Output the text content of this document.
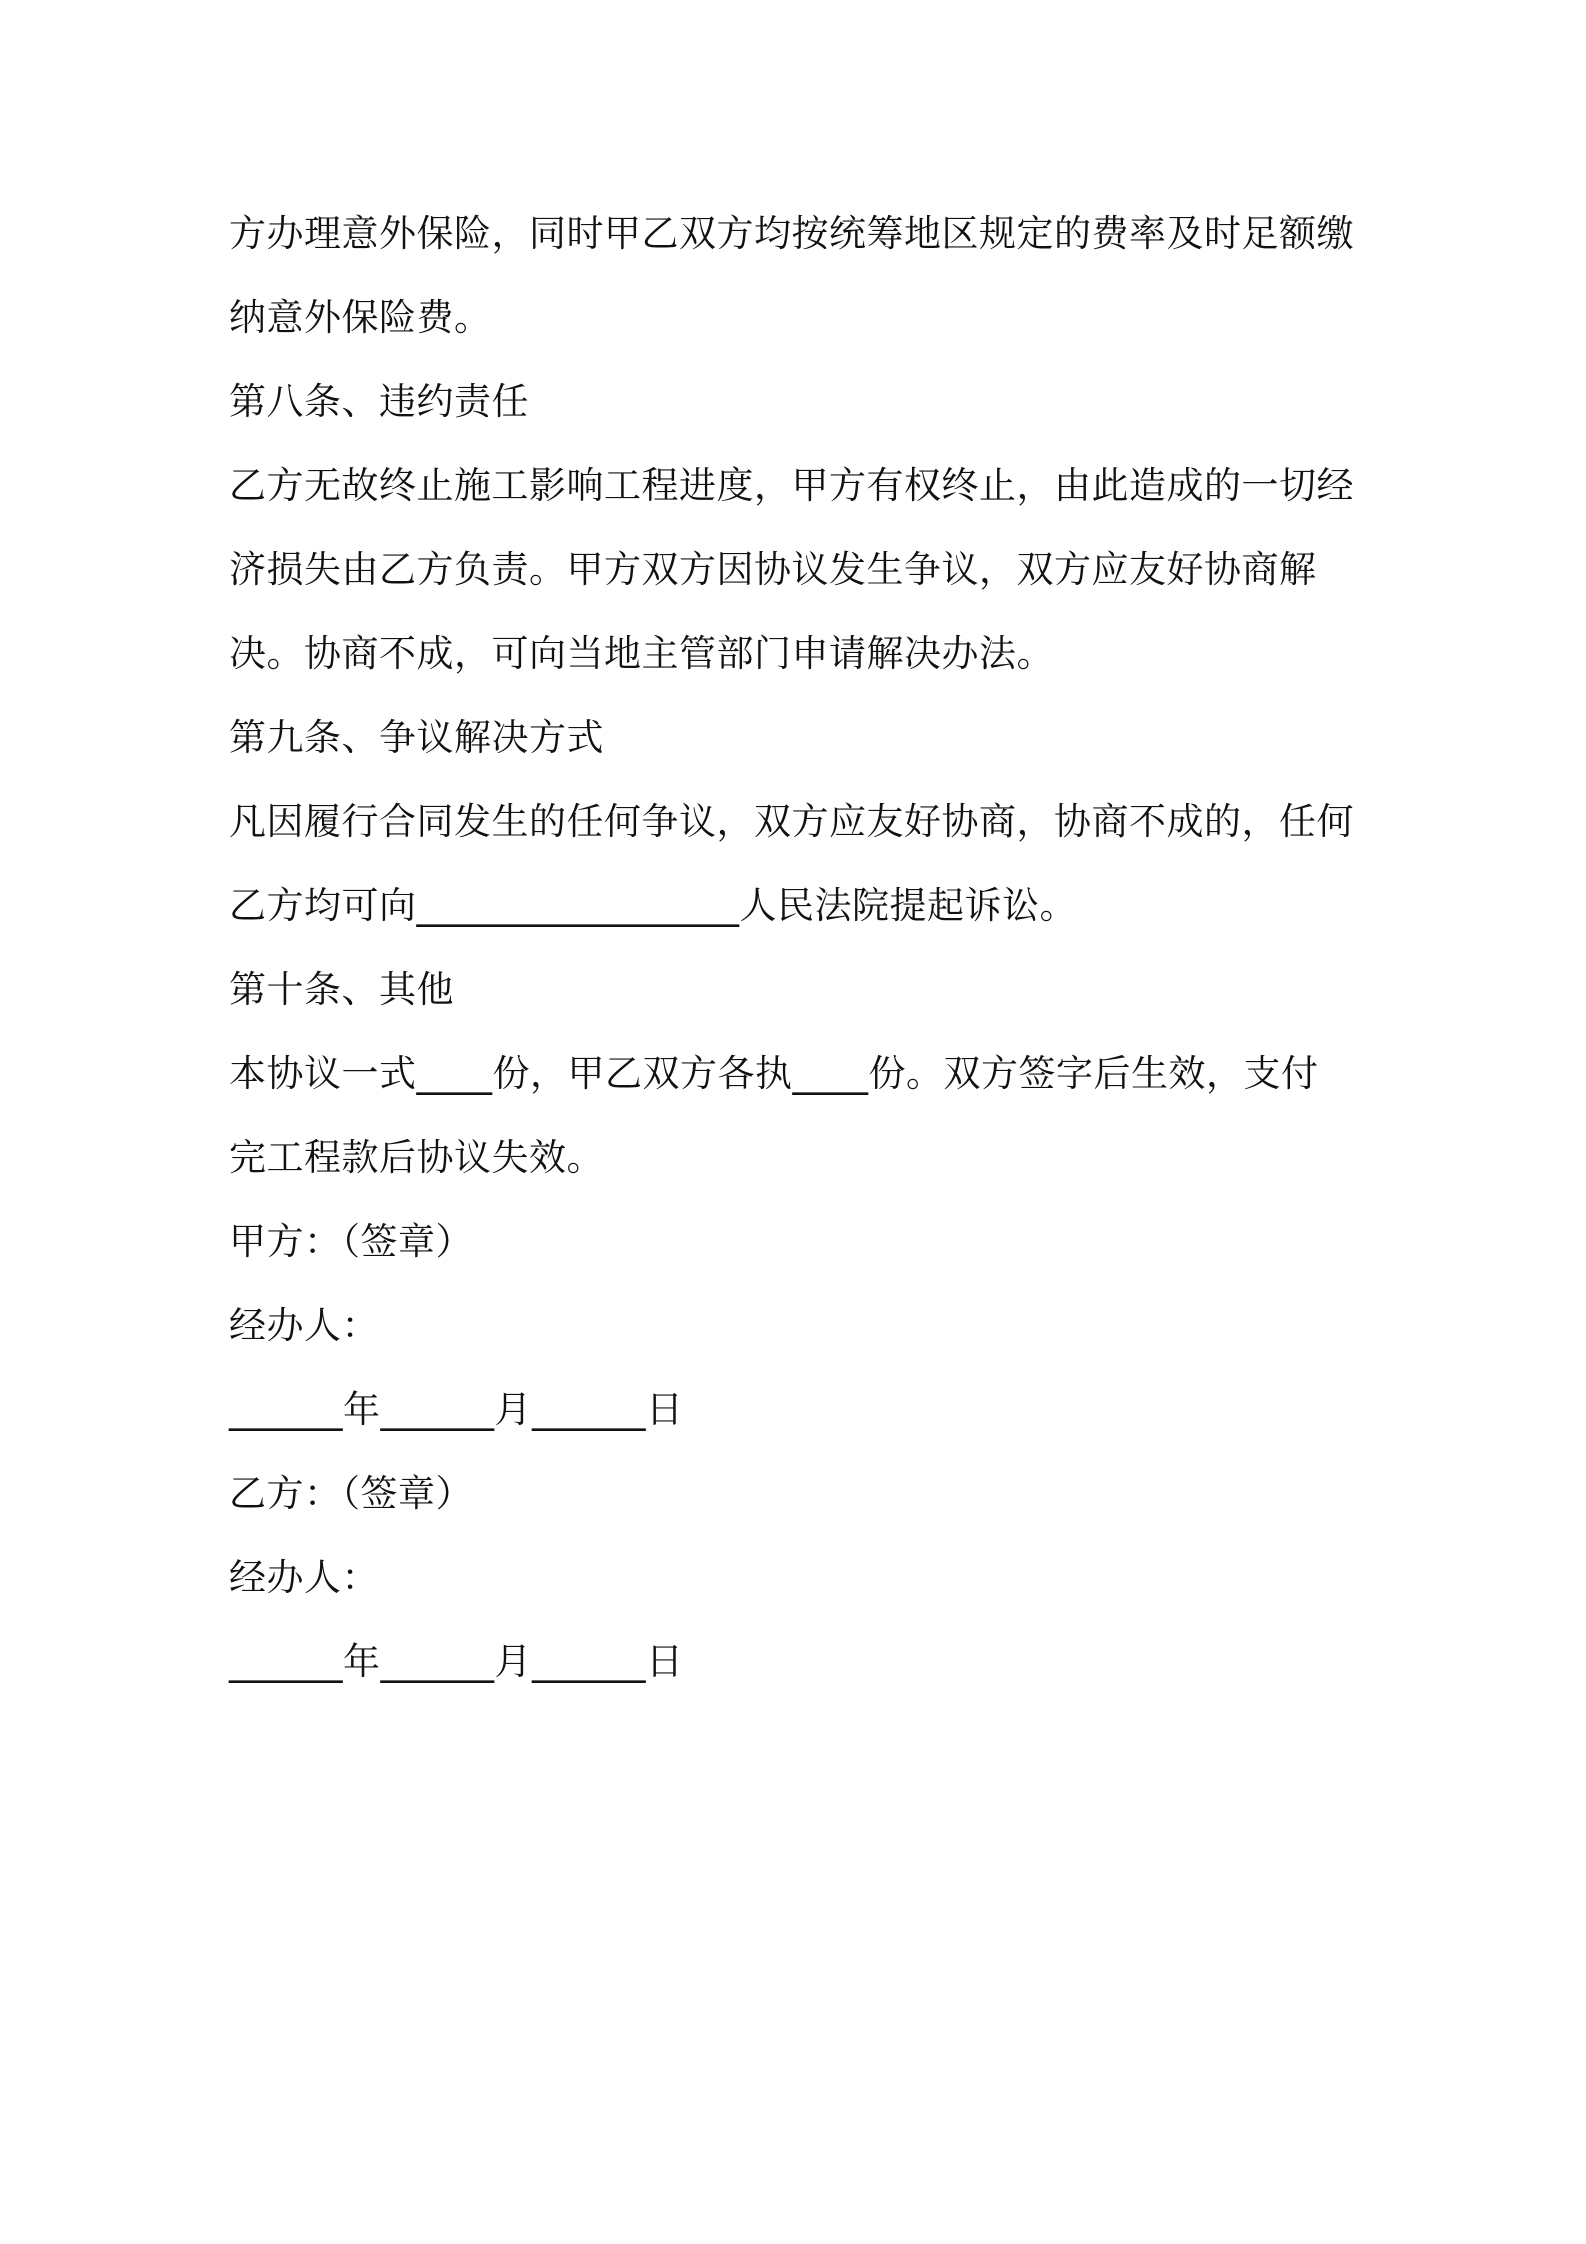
方办理意外保险，同时甲乙双方均按统筹地区规定的费率及时足额缴
纳意外保险费。
第八条、违约责任
乙方无故终止施工影响工程进度，甲方有权终止，由此造成的一切经
济损失由乙方负责。甲方双方因协议发生争议，双方应友好协商解
决。协商不成，可向当地主管部门申请解决办法。
第九条、争议解决方式
凡因履行合同发生的任何争议，双方应友好协商，协商不成的，任何
乙方均可向_________________人民法院提起诉讼。
第十条、其他
本协议一式____份，甲乙双方各执____份。双方签字后生效，支付
完工程款后协议失效。
甲方：（签章）
经办人：
______年______月______日
乙方：（签章）
经办人：
______年______月______日
